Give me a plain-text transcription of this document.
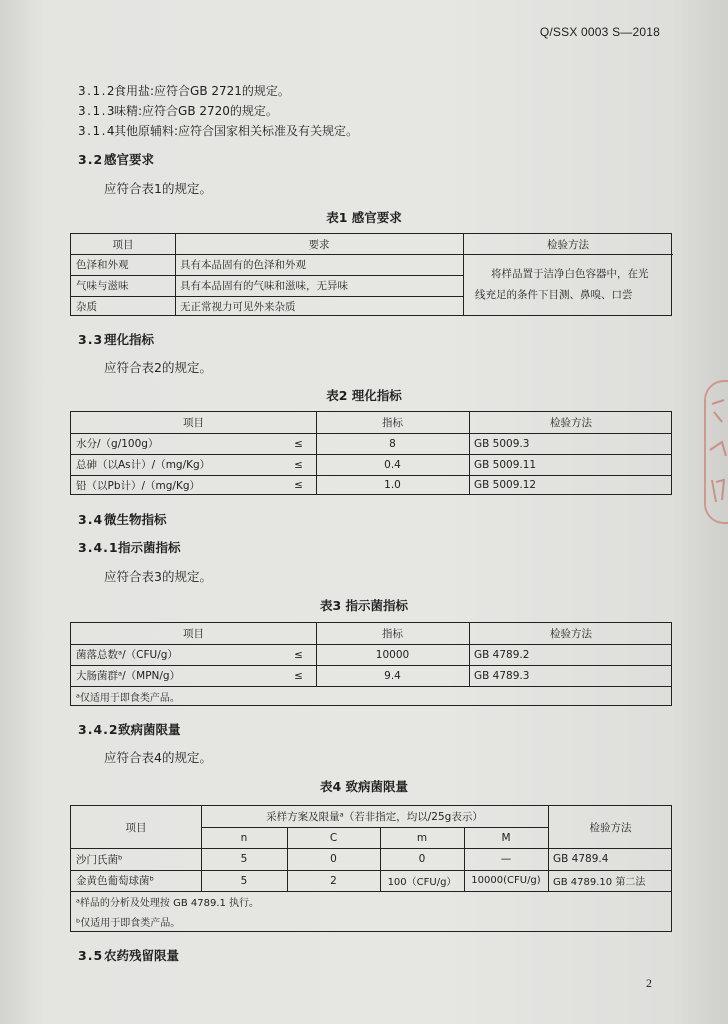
Q/SSX 0003 S—2018
3.1.2食用盐:应符合GB 2721的规定。
3.1.3味精:应符合GB 2720的规定。
3.1.4其他原辅料:应符合国家相关标准及有关规定。
3.2感官要求
应符合表1的规定。
表1 感官要求
项目	要求	检验方法
色泽和外观	具有本品固有的色泽和外观
气味与滋味	具有本品固有的气味和滋味，无异味
杂质	无正常视力可见外来杂质
将样品置于洁净白色容器中，在光
线充足的条件下目测、鼻嗅、口尝
3.3理化指标
应符合表2的规定。
表2 理化指标
项目	指标	检验方法
水分/（g/100g）	≤	8	GB 5009.3
总砷（以As计）/（mg/Kg）	≤	0.4	GB 5009.11
铅（以Pb计）/（mg/Kg）	≤	1.0	GB 5009.12
3.4微生物指标
3.4.1指示菌指标
应符合表3的规定。
表3 指示菌指标
项目	指标	检验方法
菌落总数ᵃ/（CFU/g）	≤	10000	GB 4789.2
大肠菌群ᵃ/（MPN/g）	≤	9.4	GB 4789.3
ᵃ仅适用于即食类产品。
3.4.2致病菌限量
应符合表4的规定。
表4 致病菌限量
项目
采样方案及限量ᵃ（若非指定，均以/25g表示）
检验方法
n	C	m	M
沙门氏菌ᵇ	5	0	0	—	GB 4789.4
金黄色葡萄球菌ᵇ	5	2	100（CFU/g）	10000(CFU/g)	GB 4789.10 第二法
ᵃ样品的分析及处理按 GB 4789.1 执行。
ᵇ仅适用于即食类产品。
3.5农药残留限量
2
